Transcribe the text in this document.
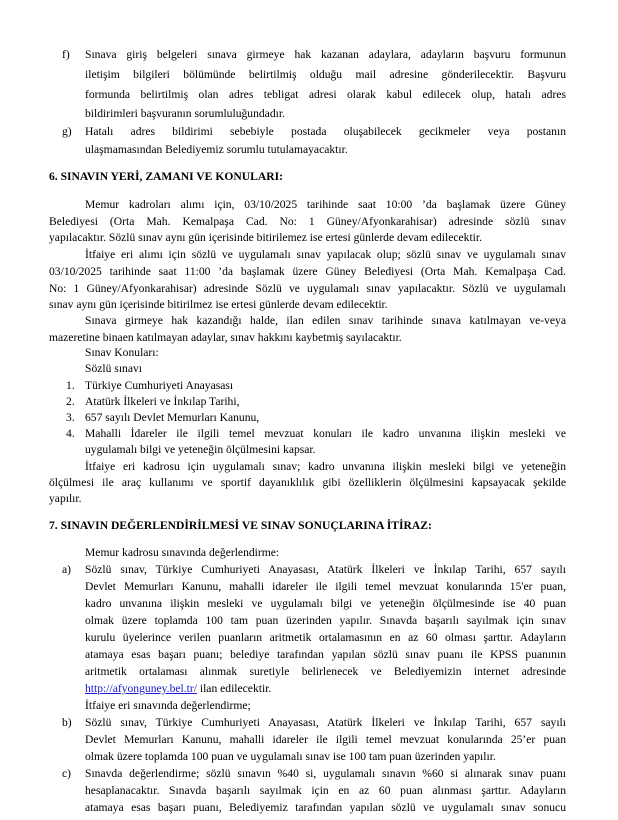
f) Sınava giriş belgeleri sınava girmeye hak kazanan adaylara, adayların başvuru formunun
iletişim bilgileri bölümünde belirtilmiş olduğu mail adresine gönderilecektir. Başvuru
formunda belirtilmiş olan adres tebligat adresi olarak kabul edilecek olup, hatalı adres
bildirimleri başvuranın sorumluluğundadır.
g) Hatalı adres bildirimi sebebiyle postada oluşabilecek gecikmeler veya postanın
ulaşmamasından Belediyemiz sorumlu tutulamayacaktır.
6. SINAVIN YERİ, ZAMANI VE KONULARI:
Memur kadroları alımı için, 03/10/2025 tarihinde saat 10:00 ’da başlamak üzere Güney
Belediyesi (Orta Mah. Kemalpaşa Cad. No: 1 Güney/Afyonkarahisar) adresinde sözlü sınav
yapılacaktır. Sözlü sınav aynı gün içerisinde bitirilemez ise ertesi günlerde devam edilecektir.
İtfaiye eri alımı için sözlü ve uygulamalı sınav yapılacak olup; sözlü sınav ve uygulamalı sınav
03/10/2025 tarihinde saat 11:00 ’da başlamak üzere Güney Belediyesi (Orta Mah. Kemalpaşa Cad.
No: 1 Güney/Afyonkarahisar) adresinde Sözlü ve uygulamalı sınav yapılacaktır. Sözlü ve uygulamalı
sınav aynı gün içerisinde bitirilmez ise ertesi günlerde devam edilecektir.
Sınava girmeye hak kazandığı halde, ilan edilen sınav tarihinde sınava katılmayan ve-veya
mazeretine binaen katılmayan adaylar, sınav hakkını kaybetmiş sayılacaktır.
Sınav Konuları:
Sözlü sınavı
1. Türkiye Cumhuriyeti Anayasası
2. Atatürk İlkeleri ve İnkılap Tarihi,
3. 657 sayılı Devlet Memurları Kanunu,
4. Mahalli İdareler ile ilgili temel mevzuat konuları ile kadro unvanına ilişkin mesleki ve
uygulamalı bilgi ve yeteneğin ölçülmesini kapsar.
İtfaiye eri kadrosu için uygulamalı sınav; kadro unvanına ilişkin mesleki bilgi ve yeteneğin
ölçülmesi ile araç kullanımı ve sportif dayanıklılık gibi özelliklerin ölçülmesini kapsayacak şekilde
yapılır.
7. SINAVIN DEĞERLENDİRİLMESİ VE SINAV SONUÇLARINA İTİRAZ:
Memur kadrosu sınavında değerlendirme:
a) Sözlü sınav, Türkiye Cumhuriyeti Anayasası, Atatürk İlkeleri ve İnkılap Tarihi, 657 sayılı
Devlet Memurları Kanunu, mahalli idareler ile ilgili temel mevzuat konularında 15'er puan,
kadro unvanına ilişkin mesleki ve uygulamalı bilgi ve yeteneğin ölçülmesinde ise 40 puan
olmak üzere toplamda 100 tam puan üzerinden yapılır. Sınavda başarılı sayılmak için sınav
kurulu üyelerince verilen puanların aritmetik ortalamasının en az 60 olması şarttır. Adayların
atamaya esas başarı puanı; belediye tarafından yapılan sözlü sınav puanı ile KPSS puanının
aritmetik ortalaması alınmak suretiyle belirlenecek ve Belediyemizin internet adresinde
http://afyonguney.bel.tr/ ilan edilecektir.
İtfaiye eri sınavında değerlendirme;
b) Sözlü sınav, Türkiye Cumhuriyeti Anayasası, Atatürk İlkeleri ve İnkılap Tarihi, 657 sayılı
Devlet Memurları Kanunu, mahalli idareler ile ilgili temel mevzuat konularında 25’er puan
olmak üzere toplamda 100 puan ve uygulamalı sınav ise 100 tam puan üzerinden yapılır.
c) Sınavda değerlendirme; sözlü sınavın %40 si, uygulamalı sınavın %60 si alınarak sınav puanı
hesaplanacaktır. Sınavda başarılı sayılmak için en az 60 puan alınması şarttır. Adayların
atamaya esas başarı puanı, Belediyemiz tarafından yapılan sözlü ve uygulamalı sınav sonucu
